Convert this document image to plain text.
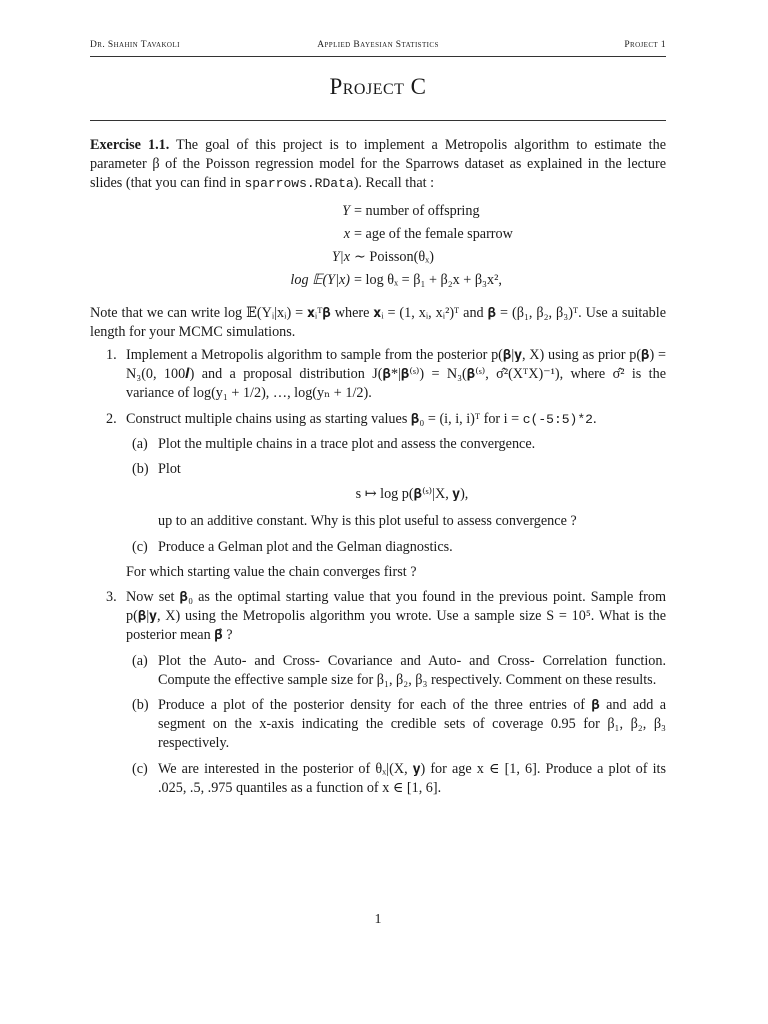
Dr. Shahin Tavakoli	Applied Bayesian Statistics	Project 1
Project C

Exercise 1.1. The goal of this project is to implement a Metropolis algorithm to estimate the parameter β of the Poisson regression model for the Sparrows dataset as explained in the lecture slides (that you can find in sparrows.RData). Recall that :

Y = number of offspring
x = age of the female sparrow
Y|x ∼ Poisson(θₓ)
log 𝔼(Y|x) = log θₓ = β₁ + β₂x + β₃x²,

Note that we can write log 𝔼(Yᵢ|xᵢ) = 𝐱ᵢᵀ𝛃 where 𝐱ᵢ = (1, xᵢ, xᵢ²)ᵀ and 𝛃 = (β₁, β₂, β₃)ᵀ. Use a suitable length for your MCMC simulations.

1. Implement a Metropolis algorithm to sample from the posterior p(𝛃|𝐲, X) using as prior p(𝛃) = N₃(0, 100𝑰) and a proposal distribution J(𝛃*|𝛃⁽ˢ⁾) = N₃(𝛃⁽ˢ⁾, σ̂²(XᵀX)⁻¹), where σ̂² is the variance of log(y₁ + 1/2), …, log(yₙ + 1/2).

2. Construct multiple chains using as starting values 𝛃₀ = (i, i, i)ᵀ for i = c(-5:5)*2.

(a) Plot the multiple chains in a trace plot and assess the convergence.

(b) Plot

s ↦ log p(𝛃⁽ˢ⁾|X, 𝐲),
up to an additive constant. Why is this plot useful to assess convergence ?
(c) Produce a Gelman plot and the Gelman diagnostics.

For which starting value the chain converges first ?
3. Now set 𝛃₀ as the optimal starting value that you found in the previous point. Sample from p(𝛃|𝐲, X) using the Metropolis algorithm you wrote. Use a sample size S = 10⁵. What is the posterior mean 𝛃̂ ?

(a) Plot the Auto- and Cross- Covariance and Auto- and Cross- Correlation function. Compute the effective sample size for β₁, β₂, β₃ respectively. Comment on these results.

(b) Produce a plot of the posterior density for each of the three entries of 𝛃 and add a segment on the x-axis indicating the credible sets of coverage 0.95 for β₁, β₂, β₃ respectively.

(c) We are interested in the posterior of θₓ|(X, 𝐲) for age x ∈ [1, 6]. Produce a plot of its .025, .5, .975 quantiles as a function of x ∈ [1, 6].

1
